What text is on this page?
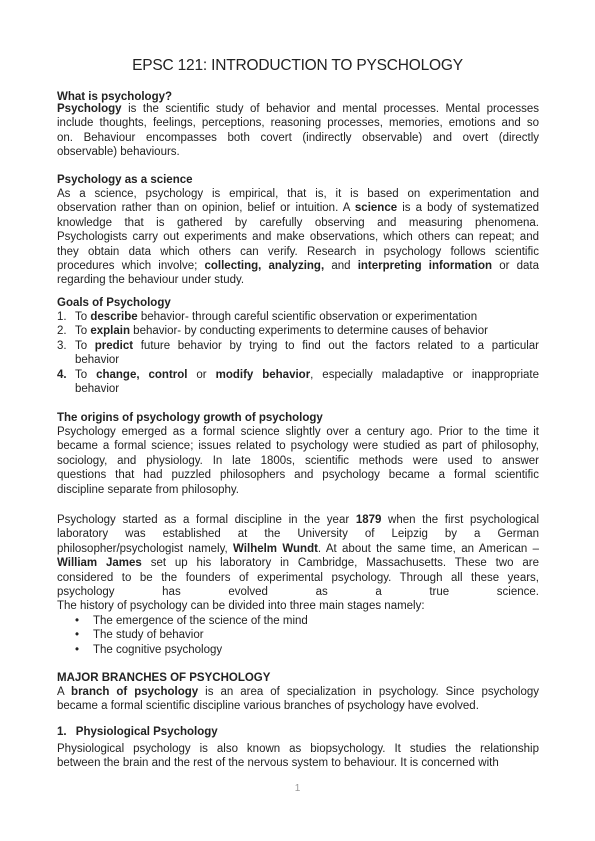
EPSC 121: INTRODUCTION TO PYSCHOLOGY
What is psychology?
Psychology is the scientific study of behavior and mental processes. Mental processes
include thoughts, feelings, perceptions, reasoning processes, memories, emotions and so
on. Behaviour encompasses both covert (indirectly observable) and overt (directly
observable) behaviours.
Psychology as a science
As a science, psychology is empirical, that is, it is based on experimentation and
observation rather than on opinion, belief or intuition. A science is a body of systematized
knowledge that is gathered by carefully observing and measuring phenomena.
Psychologists carry out experiments and make observations, which others can repeat; and
they obtain data which others can verify. Research in psychology follows scientific
procedures which involve; collecting, analyzing, and interpreting information or data
regarding the behaviour under study.
Goals of Psychology
1. To describe behavior- through careful scientific observation or experimentation
2. To explain behavior- by conducting experiments to determine causes of behavior
3. To predict future behavior by trying to find out the factors related to a particular
behavior
4. To change, control or modify behavior, especially maladaptive or inappropriate
behavior
The origins of psychology growth of psychology
Psychology emerged as a formal science slightly over a century ago. Prior to the time it
became a formal science; issues related to psychology were studied as part of philosophy,
sociology, and physiology. In late 1800s, scientific methods were used to answer
questions that had puzzled philosophers and psychology became a formal scientific
discipline separate from philosophy.
Psychology started as a formal discipline in the year 1879 when the first psychological
laboratory was established at the University of Leipzig by a German
philosopher/psychologist namely, Wilhelm Wundt. At about the same time, an American –
William James set up his laboratory in Cambridge, Massachusetts. These two are
considered to be the founders of experimental psychology. Through all these years,
psychology has evolved as a true science.
The history of psychology can be divided into three main stages namely:
• The emergence of the science of the mind
• The study of behavior
• The cognitive psychology
MAJOR BRANCHES OF PSYCHOLOGY
A branch of psychology is an area of specialization in psychology. Since psychology
became a formal scientific discipline various branches of psychology have evolved.
1. Physiological Psychology
Physiological psychology is also known as biopsychology. It studies the relationship
between the brain and the rest of the nervous system to behaviour. It is concerned with
1
